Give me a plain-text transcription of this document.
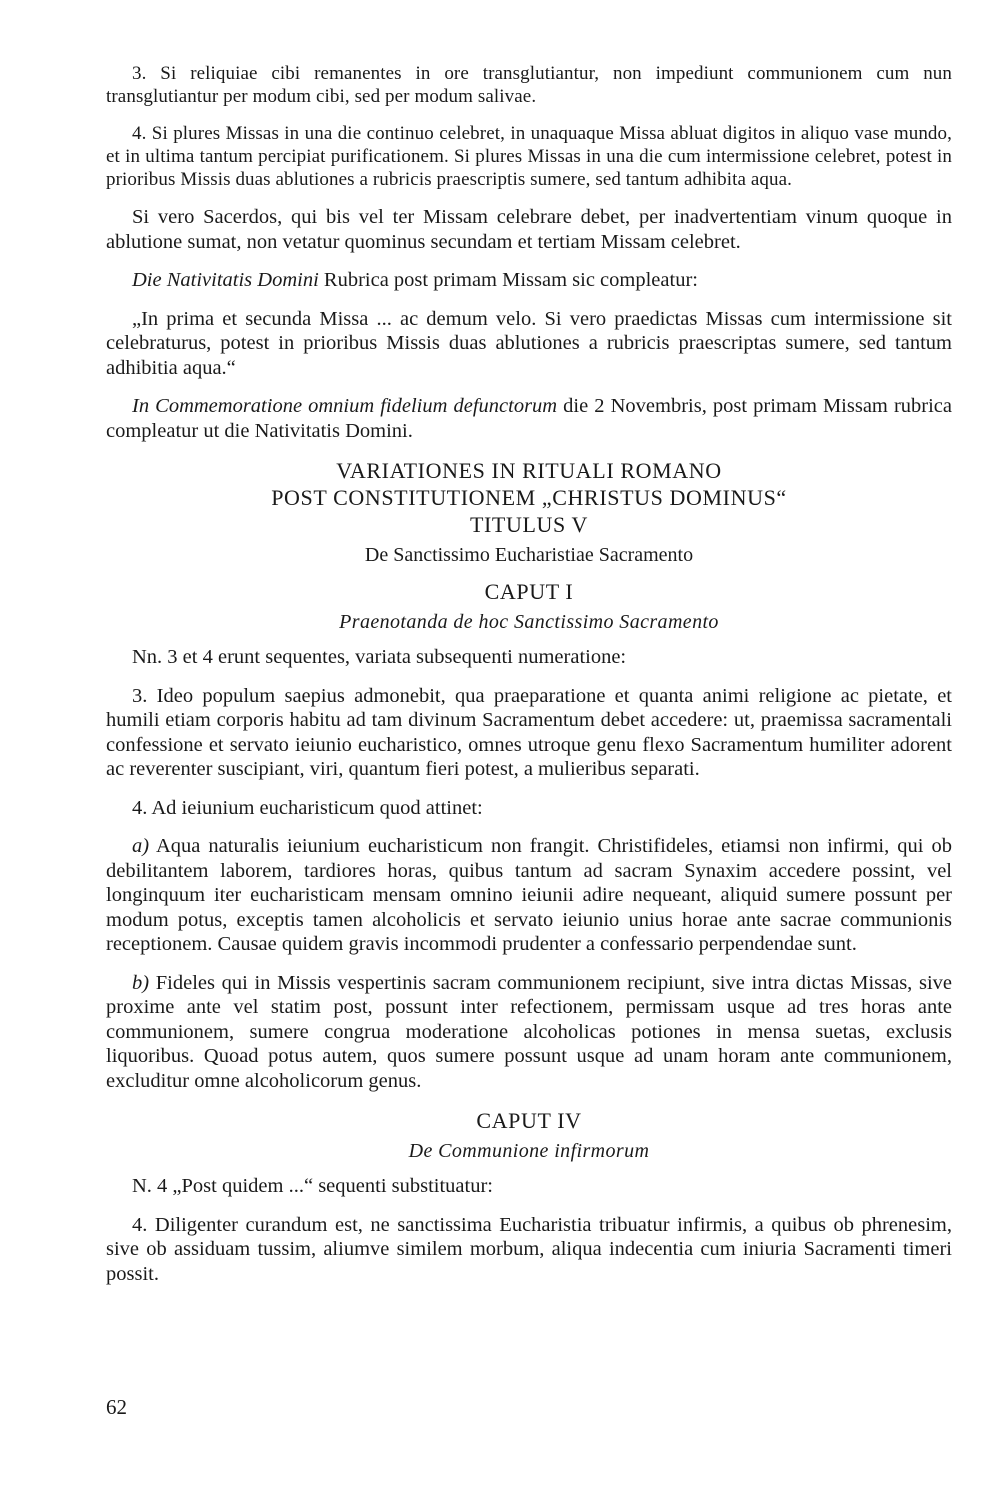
3. Si reliquiae cibi remanentes in ore transglutiantur, non impediunt communionem cum nun transglutiantur per modum cibi, sed per modum salivae.

4. Si plures Missas in una die continuo celebret, in unaquaque Missa abluat digitos in aliquo vase mundo, et in ultima tantum percipiat purificationem. Si plures Missas in una die cum intermissione celebret, potest in prioribus Missis duas ablutiones a rubricis praescriptis sumere, sed tantum adhibita aqua.

Si vero Sacerdos, qui bis vel ter Missam celebrare debet, per inadvertentiam vinum quoque in ablutione sumat, non vetatur quominus secundam et tertiam Missam celebret.

Die Nativitatis Domini Rubrica post primam Missam sic compleatur:

„In prima et secunda Missa ... ac demum velo. Si vero praedictas Missas cum intermissione sit celebraturus, potest in prioribus Missis duas ablutiones a rubricis praescriptas sumere, sed tantum adhibitia aqua.“

In Commemoratione omnium fidelium defunctorum die 2 Novembris, post primam Missam rubrica compleatur ut die Nativitatis Domini.

VARIATIONES IN RITUALI ROMANO

POST CONSTITUTIONEM „CHRISTUS DOMINUS“

TITULUS V

De Sanctissimo Eucharistiae Sacramento

CAPUT I

Praenotanda de hoc Sanctissimo Sacramento

Nn. 3 et 4 erunt sequentes, variata subsequenti numeratione:

3. Ideo populum saepius admonebit, qua praeparatione et quanta animi religione ac pietate, et humili etiam corporis habitu ad tam divinum Sacramentum debet accedere: ut, praemissa sacramentali confessione et servato ieiunio eucharistico, omnes utroque genu flexo Sacramentum humiliter adorent ac reverenter suscipiant, viri, quantum fieri potest, a mulieribus separati.

4. Ad ieiunium eucharisticum quod attinet:

a) Aqua naturalis ieiunium eucharisticum non frangit. Christifideles, etiamsi non infirmi, qui ob debilitantem laborem, tardiores horas, quibus tantum ad sacram Synaxim accedere possint, vel longinquum iter eucharisticam mensam omnino ieiunii adire nequeant, aliquid sumere possunt per modum potus, exceptis tamen alcoholicis et servato ieiunio unius horae ante sacrae communionis receptionem. Causae quidem gravis incommodi prudenter a confessario perpendendae sunt.

b) Fideles qui in Missis vespertinis sacram communionem recipiunt, sive intra dictas Missas, sive proxime ante vel statim post, possunt inter refectionem, permissam usque ad tres horas ante communionem, sumere congrua moderatione alcoholicas potiones in mensa suetas, exclusis liquoribus. Quoad potus autem, quos sumere possunt usque ad unam horam ante communionem, excluditur omne alcoholicorum genus.

CAPUT IV

De Communione infirmorum

N. 4 „Post quidem ...“ sequenti substituatur:

4. Diligenter curandum est, ne sanctissima Eucharistia tribuatur infirmis, a quibus ob phrenesim, sive ob assiduam tussim, aliumve similem morbum, aliqua indecentia cum iniuria Sacramenti timeri possit.

62
